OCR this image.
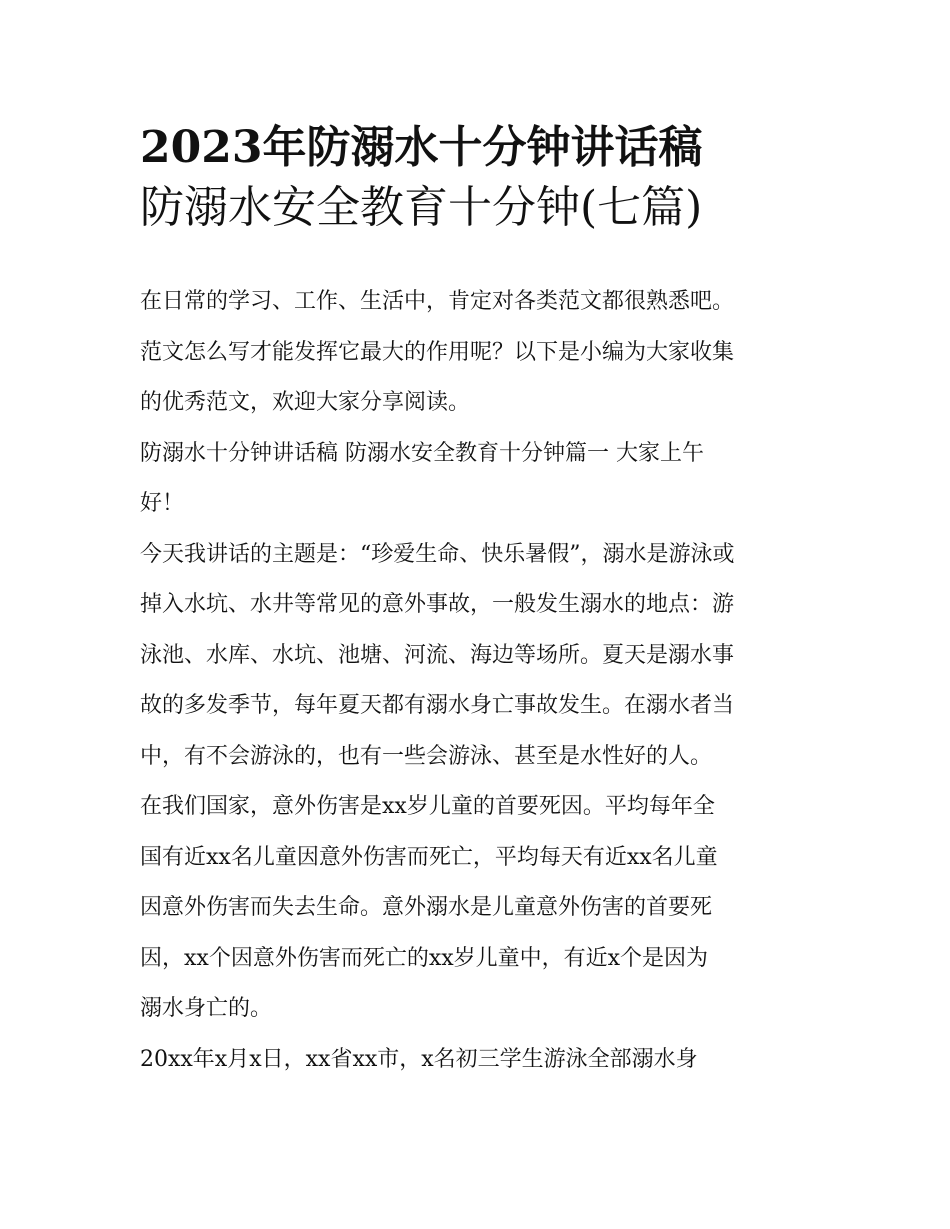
2023年防溺水十分钟讲话稿
防溺水安全教育十分钟(七篇)
在日常的学习、工作、生活中，肯定对各类范文都很熟悉吧。
范文怎么写才能发挥它最大的作用呢？以下是小编为大家收集
的优秀范文，欢迎大家分享阅读。
防溺水十分钟讲话稿 防溺水安全教育十分钟篇一 大家上午
好！
今天我讲话的主题是：“珍爱生命、快乐暑假”，溺水是游泳或
掉入水坑、水井等常见的意外事故，一般发生溺水的地点：游
泳池、水库、水坑、池塘、河流、海边等场所。夏天是溺水事
故的多发季节，每年夏天都有溺水身亡事故发生。在溺水者当
中，有不会游泳的，也有一些会游泳、甚至是水性好的人。
在我们国家，意外伤害是xx岁儿童的首要死因。平均每年全
国有近xx名儿童因意外伤害而死亡，平均每天有近xx名儿童
因意外伤害而失去生命。意外溺水是儿童意外伤害的首要死
因，xx个因意外伤害而死亡的xx岁儿童中，有近x个是因为
溺水身亡的。
20xx年x月x日，xx省xx市，x名初三学生游泳全部溺水身
